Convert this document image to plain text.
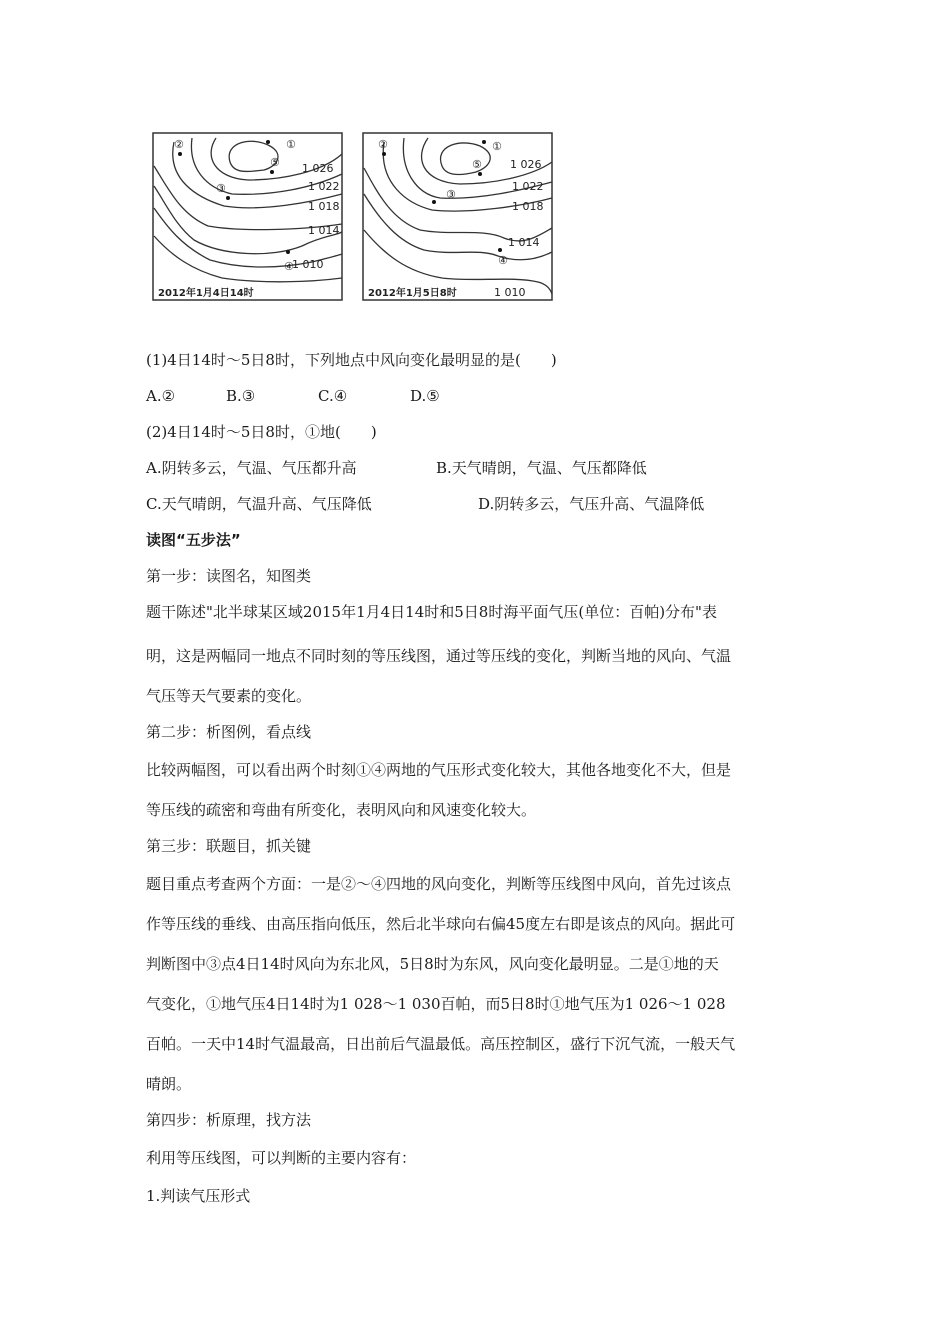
①
②
③
④
⑤ 1 026
1 022
1 018
1 014
1 010
2012年1月4日14时
①
②
③
④
⑤	1 026
1 022
1 018
1 014
1 010
2012年1月5日8时
(1)4日14时～5日8时，下列地点中风向变化最明显的是(　　)
A.②	B.③	C.④	D.⑤
(2)4日14时～5日8时，①地(　　)
A.阴转多云，气温、气压都升高	B.天气晴朗，气温、气压都降低
C.天气晴朗，气温升高、气压降低	D.阴转多云，气压升高、气温降低
读图“五步法”
第一步：读图名，知图类
题干陈述"北半球某区域2015年1月4日14时和5日8时海平面气压(单位：百帕)分布"表
明，这是两幅同一地点不同时刻的等压线图，通过等压线的变化，判断当地的风向、气温
气压等天气要素的变化。
第二步：析图例，看点线
比较两幅图，可以看出两个时刻①④两地的气压形式变化较大，其他各地变化不大，但是
等压线的疏密和弯曲有所变化，表明风向和风速变化较大。
第三步：联题目，抓关键
题目重点考查两个方面：一是②～④四地的风向变化，判断等压线图中风向，首先过该点
作等压线的垂线、由高压指向低压，然后北半球向右偏45度左右即是该点的风向。据此可
判断图中③点4日14时风向为东北风，5日8时为东风，风向变化最明显。二是①地的天
气变化，①地气压4日14时为1 028～1 030百帕，而5日8时①地气压为1 026～1 028
百帕。一天中14时气温最高，日出前后气温最低。高压控制区，盛行下沉气流，一般天气
晴朗。
第四步：析原理，找方法
利用等压线图，可以判断的主要内容有：
1.判读气压形式
